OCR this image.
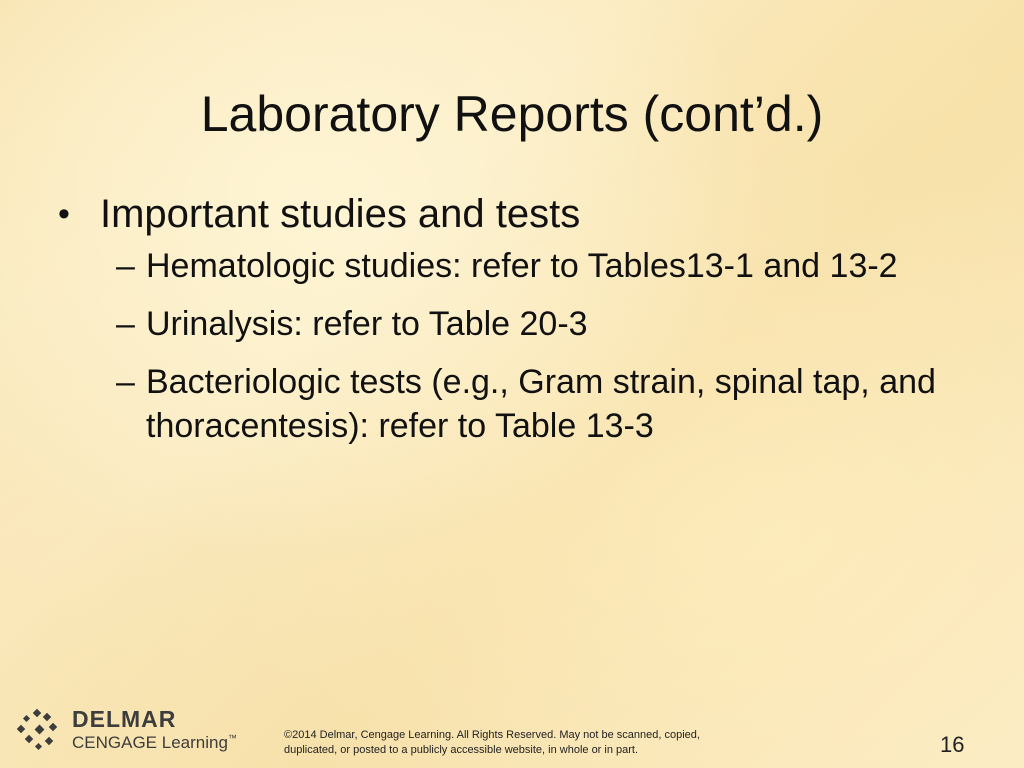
Laboratory Reports (cont’d.)
• Important studies and tests
– Hematologic studies: refer to Tables13-1 and 13-2
– Urinalysis: refer to Table 20-3
– Bacteriologic tests (e.g., Gram strain, spinal tap, and thoracentesis): refer to Table 13-3
DELMAR
CENGAGE Learning™	©2014 Delmar, Cengage Learning. All Rights Reserved. May not be scanned, copied,
duplicated, or posted to a publicly accessible website, in whole or in part.	16
